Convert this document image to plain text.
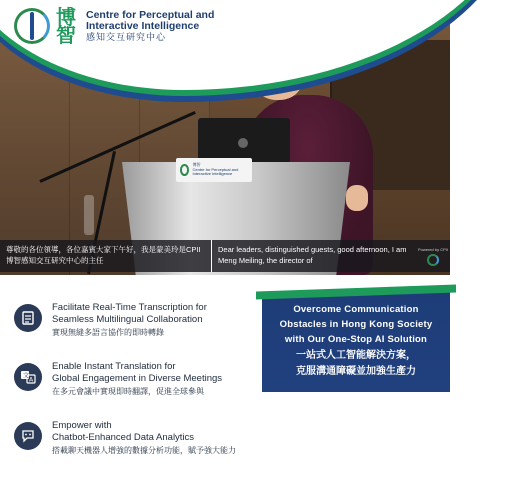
博智
Centre for Perceptual and Interactive Intelligence
博智
Centre for Perceptual and
Interactive Intelligence
感知交互研究中心
尊敬的各位領導，各位嘉賓大家下午好，我是蒙美玲是CPII博智感知交互研究中心的主任
Dear leaders, distinguished guests, good afternoon, I am Meng Meiling, the director of
Powered by CPII
Facilitate Real-Time Transcription for
Seamless Multilingual Collaboration
實現無縫多語言協作的即時轉錄
文
A
Enable Instant Translation for
Global Engagement in Diverse Meetings
在多元會議中實現即時翻譯，促進全球參與
Empower with
Chatbot-Enhanced Data Analytics
搭載聊天機器人增強的數據分析功能，賦予強大能力
Overcome Communication
Obstacles in Hong Kong Society
with Our One-Stop AI Solution
一站式人工智能解決方案，
克服溝通障礙並加強生產力
